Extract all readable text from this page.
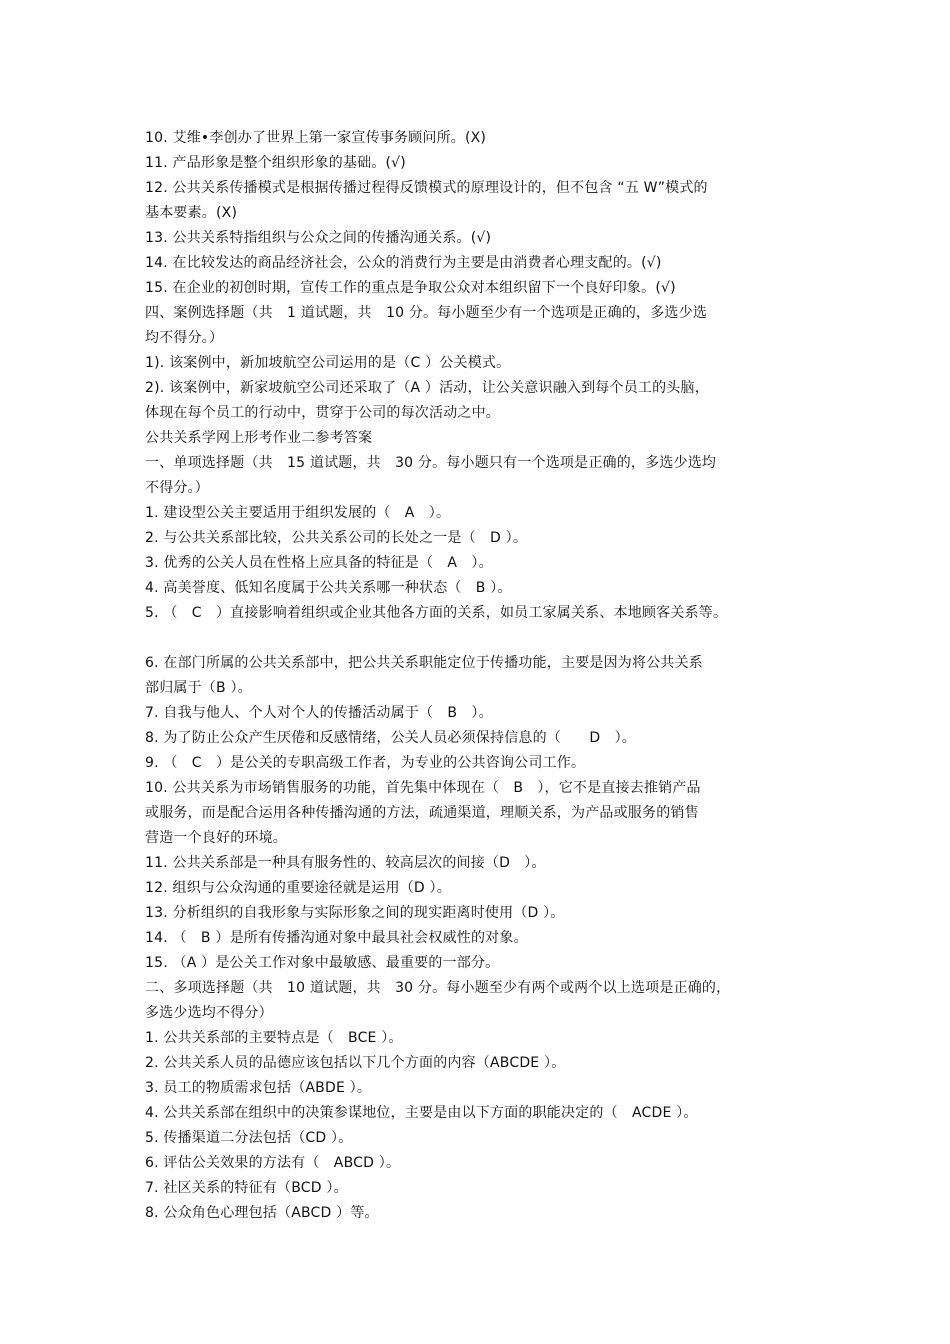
10. 艾维•李创办了世界上第一家宣传事务顾问所。(X)
11. 产品形象是整个组织形象的基础。(√)
12. 公共关系传播模式是根据传播过程得反馈模式的原理设计的，但不包含 “五 W”模式的
基本要素。(X)
13. 公共关系特指组织与公众之间的传播沟通关系。(√)
14. 在比较发达的商品经济社会，公众的消费行为主要是由消费者心理支配的。(√)
15. 在企业的初创时期，宣传工作的重点是争取公众对本组织留下一个良好印象。(√)
四、案例选择题（共　1 道试题，共　10 分。每小题至少有一个选项是正确的，多选少选
均不得分。）
1). 该案例中，新加坡航空公司运用的是（C ）公关模式。
2). 该案例中，新家坡航空公司还采取了（A ）活动，让公关意识融入到每个员工的头脑，
体现在每个员工的行动中，贯穿于公司的每次活动之中。
公共关系学网上形考作业二参考答案
一、单项选择题（共　15 道试题，共　30 分。每小题只有一个选项是正确的，多选少选均
不得分。）
1. 建设型公关主要适用于组织发展的（　A　）。
2. 与公共关系部比较，公共关系公司的长处之一是（　D ）。
3. 优秀的公关人员在性格上应具备的特征是（　A　）。
4. 高美誉度、低知名度属于公共关系哪一种状态（　B ）。
5. （　C　）直接影响着组织或企业其他各方面的关系，如员工家属关系、本地顾客关系等。
6. 在部门所属的公共关系部中，把公共关系职能定位于传播功能，主要是因为将公共关系
部归属于（B ）。
7. 自我与他人、个人对个人的传播活动属于（　B　）。
8. 为了防止公众产生厌倦和反感情绪，公关人员必须保持信息的（　　D　）。
9. （　C　）是公关的专职高级工作者，为专业的公共咨询公司工作。
10. 公共关系为市场销售服务的功能，首先集中体现在（　B　），它不是直接去推销产品
或服务，而是配合运用各种传播沟通的方法，疏通渠道，理顺关系，为产品或服务的销售
营造一个良好的环境。
11. 公共关系部是一种具有服务性的、较高层次的间接（D　）。
12. 组织与公众沟通的重要途径就是运用（D ）。
13. 分析组织的自我形象与实际形象之间的现实距离时使用（D ）。
14. （　B ）是所有传播沟通对象中最具社会权威性的对象。
15. （A ）是公关工作对象中最敏感、最重要的一部分。
二、多项选择题（共　10 道试题，共　30 分。每小题至少有两个或两个以上选项是正确的，
多选少选均不得分）
1. 公共关系部的主要特点是（　BCE ）。
2. 公共关系人员的品德应该包括以下几个方面的内容（ABCDE ）。
3. 员工的物质需求包括（ABDE ）。
4. 公共关系部在组织中的决策参谋地位，主要是由以下方面的职能决定的（　ACDE ）。
5. 传播渠道二分法包括（CD ）。
6. 评估公关效果的方法有（　ABCD ）。
7. 社区关系的特征有（BCD ）。
8. 公众角色心理包括（ABCD ）等。
